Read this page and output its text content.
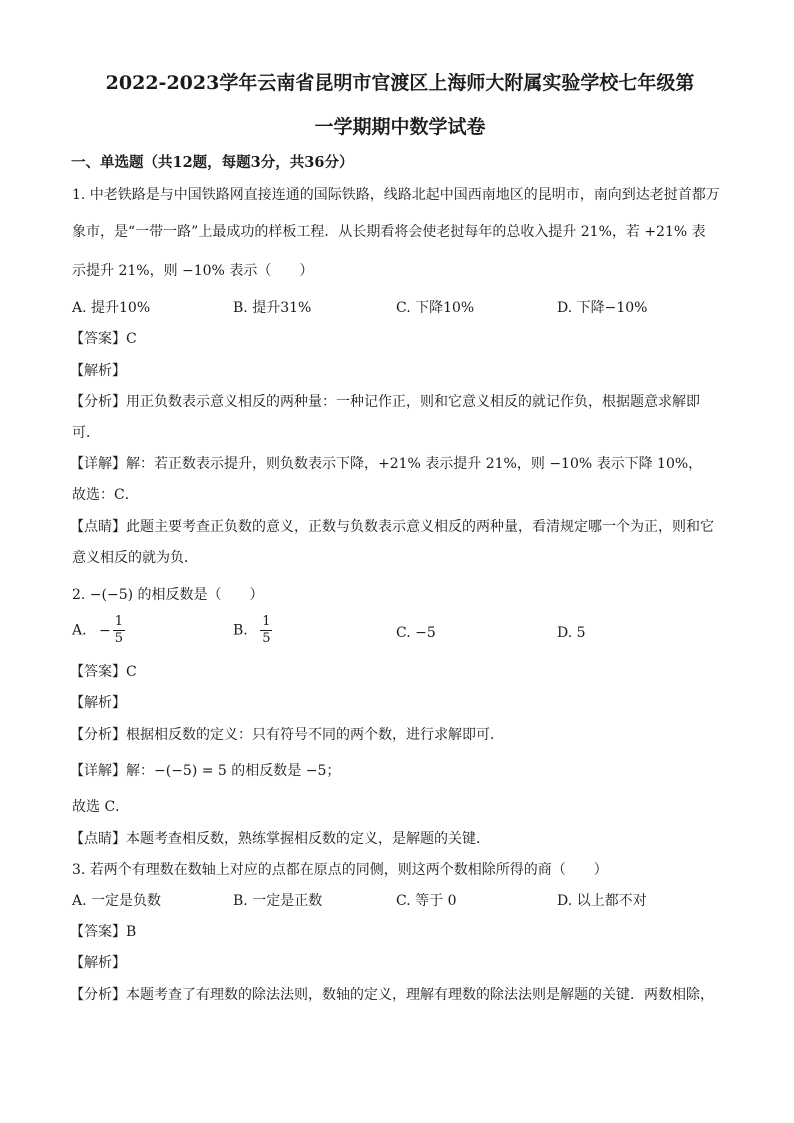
2022-2023学年云南省昆明市官渡区上海师大附属实验学校七年级第
一学期期中数学试卷
一、单选题（共12题，每题3分，共36分）
1. 中老铁路是与中国铁路网直接连通的国际铁路，线路北起中国西南地区的昆明市，南向到达老挝首都万
象市，是“一带一路”上最成功的样板工程．从长期看将会使老挝每年的总收入提升 21%，若 +21% 表
示提升 21%，则 −10% 表示（　　）
A. 提升10%	B. 提升31%	C. 下降10%	D. 下降−10%
【答案】C
【解析】
【分析】用正负数表示意义相反的两种量：一种记作正，则和它意义相反的就记作负，根据题意求解即
可．
【详解】解：若正数表示提升，则负数表示下降，+21% 表示提升 21%，则 −10% 表示下降 10%，
故选：C．
【点睛】此题主要考查正负数的意义，正数与负数表示意义相反的两种量，看清规定哪一个为正，则和它
意义相反的就为负．
2. −(−5) 的相反数是（　　）
A. − $\frac{1}{5}$	B. $\frac{1}{5}$	C. −5	D. 5
【答案】C
【解析】
【分析】根据相反数的定义：只有符号不同的两个数，进行求解即可．
【详解】解：−(−5) = 5 的相反数是 −5；
故选 C．
【点睛】本题考查相反数，熟练掌握相反数的定义，是解题的关键．
3. 若两个有理数在数轴上对应的点都在原点的同侧，则这两个数相除所得的商（　　）
A. 一定是负数	B. 一定是正数	C. 等于 0	D. 以上都不对
【答案】B
【解析】
【分析】本题考查了有理数的除法法则，数轴的定义，理解有理数的除法法则是解题的关键．两数相除，
